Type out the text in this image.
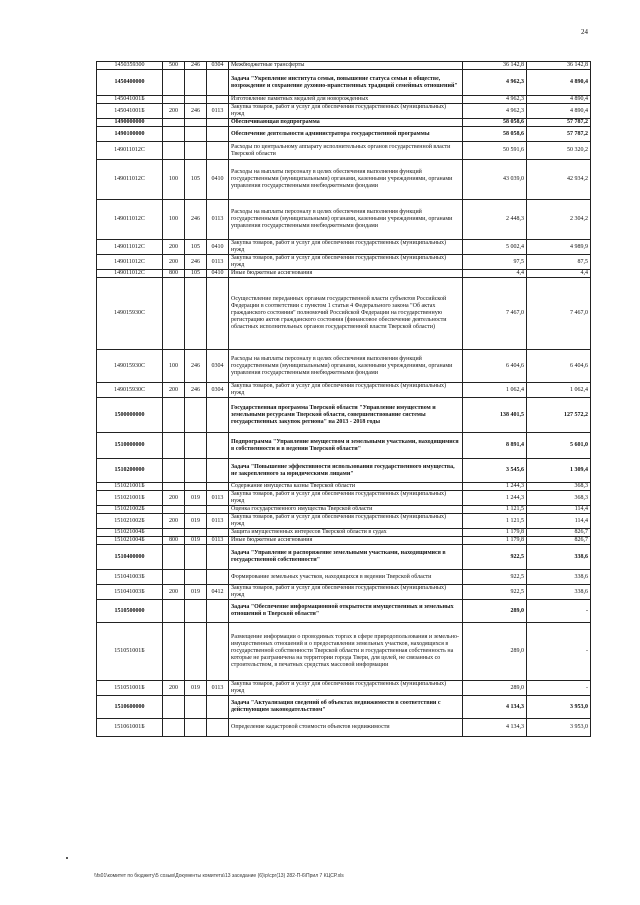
24
1450359300	500	246	0304	Межбюджетные трансферты	36 142,8	36 142,8
1450400000				Задача "Укрепление института семьи, повышение статуса семьи в обществе, возрождение и сохранение духовно-нравственных традиций семейных отношений"	4 962,3	4 890,4
145041001Б				Изготовление памятных медалей для новорожденных	4 962,3	4 890,4
145041001Б	200	246	0113	Закупка товаров, работ и услуг для обеспечения государственных (муниципальных) нужд	4 962,3	4 890,4
1490000000				Обеспечивающая подпрограмма	58 058,6	57 787,2
1490100000				Обеспечение деятельности администратора государственной программы	58 058,6	57 787,2
149011012С				Расходы по центральному аппарату исполнительных органов государственной власти Тверской области	50 591,6	50 320,2
149011012С	100	105	0410	Расходы на выплаты персоналу в целях обеспечения выполнения функций государственными (муниципальными) органами, казенными учреждениями, органами управления государственными внебюджетными фондами	43 039,0	42 934,2
149011012С	100	246	0113	Расходы на выплаты персоналу в целях обеспечения выполнения функций государственными (муниципальными) органами, казенными учреждениями, органами управления государственными внебюджетными фондами	2 448,3	2 304,2
149011012С	200	105	0410	Закупка товаров, работ и услуг для обеспечения государственных (муниципальных) нужд	5 002,4	4 989,9
149011012С	200	246	0113	Закупка товаров, работ и услуг для обеспечения государственных (муниципальных) нужд	97,5	87,5
149011012С	800	105	0410	Иные бюджетные ассигнования	4,4	4,4
149015930С				Осуществление переданных органам государственной власти субъектов Российской Федерации в соответствии с пунктом 1 статьи 4 Федерального закона "Об актах гражданского состояния" полномочий Российской Федерации на государственную регистрацию актов гражданского состояния (финансовое обеспечение деятельности областных исполнительных органов государственной власти Тверской области)	7 467,0	7 467,0
149015930С	100	246	0304	Расходы на выплаты персоналу в целях обеспечения выполнения функций государственными (муниципальными) органами, казенными учреждениями, органами управления государственными внебюджетными фондами	6 404,6	6 404,6
149015930С	200	246	0304	Закупка товаров, работ и услуг для обеспечения государственных (муниципальных) нужд	1 062,4	1 062,4
1500000000				Государственная программа Тверской области "Управление имуществом и земельными ресурсами Тверской области, совершенствование системы государственных закупок региона" на 2013 - 2018 годы	138 401,5	127 572,2
1510000000				Подпрограмма "Управление имуществом и земельными участками, находящимися в собственности и в ведении Тверской области"	8 891,4	5 601,0
1510200000				Задача "Повышение эффективности использования государственного имущества, не закрепленного за юридическими лицами"	3 545,6	1 309,4
151021001Б				Содержание имущества казны Тверской области	1 244,3	368,3
151021001Б	200	019	0113	Закупка товаров, работ и услуг для обеспечения государственных (муниципальных) нужд	1 244,3	368,3
151021002Б				Оценка государственного имущества Тверской области	1 121,5	114,4
151021002Б	200	019	0113	Закупка товаров, работ и услуг для обеспечения государственных (муниципальных) нужд	1 121,5	114,4
151021004Б				Защита имущественных интересов Тверской области в судах	1 179,8	826,7
151021004Б	800	019	0113	Иные бюджетные ассигнования	1 179,8	826,7
1510400000				Задача "Управление и распоряжение земельными участками, находящимися в государственной собственности"	922,5	338,6
151041003Б				Формирование земельных участков, находящихся в ведении Тверской области	922,5	338,6
151041003Б	200	019	0412	Закупка товаров, работ и услуг для обеспечения государственных (муниципальных) нужд	922,5	338,6
1510500000				Задача "Обеспечение информационной открытости имущественных и земельных отношений в Тверской области"	289,0	-
151051001Б				Размещение информации о проводимых торгах в сфере природопользования и земельно-имущественных отношений и о предоставлении земельных участков, находящихся в государственной собственности Тверской области и государственная собственность на которые не разграничена на территории города Твери, для целей, не связанных со строительством, в печатных средствах массовой информации	289,0	-
151051001Б	200	019	0113	Закупка товаров, работ и услуг для обеспечения государственных (муниципальных) нужд	289,0	-
1510600000				Задача "Актуализация сведений об объектах недвижимости в соответствии с действующим законодательством"	4 134,3	3 953,0
151061001Б				Определение кадастровой стоимости объектов недвижимости	4 134,3	3 953,0
\\fs01\комитет по бюджету\5 созыв\Документы комитета\13 заседание (6)\р\срг(13) 282-П-6\Прил 7 КЦСР.xls
